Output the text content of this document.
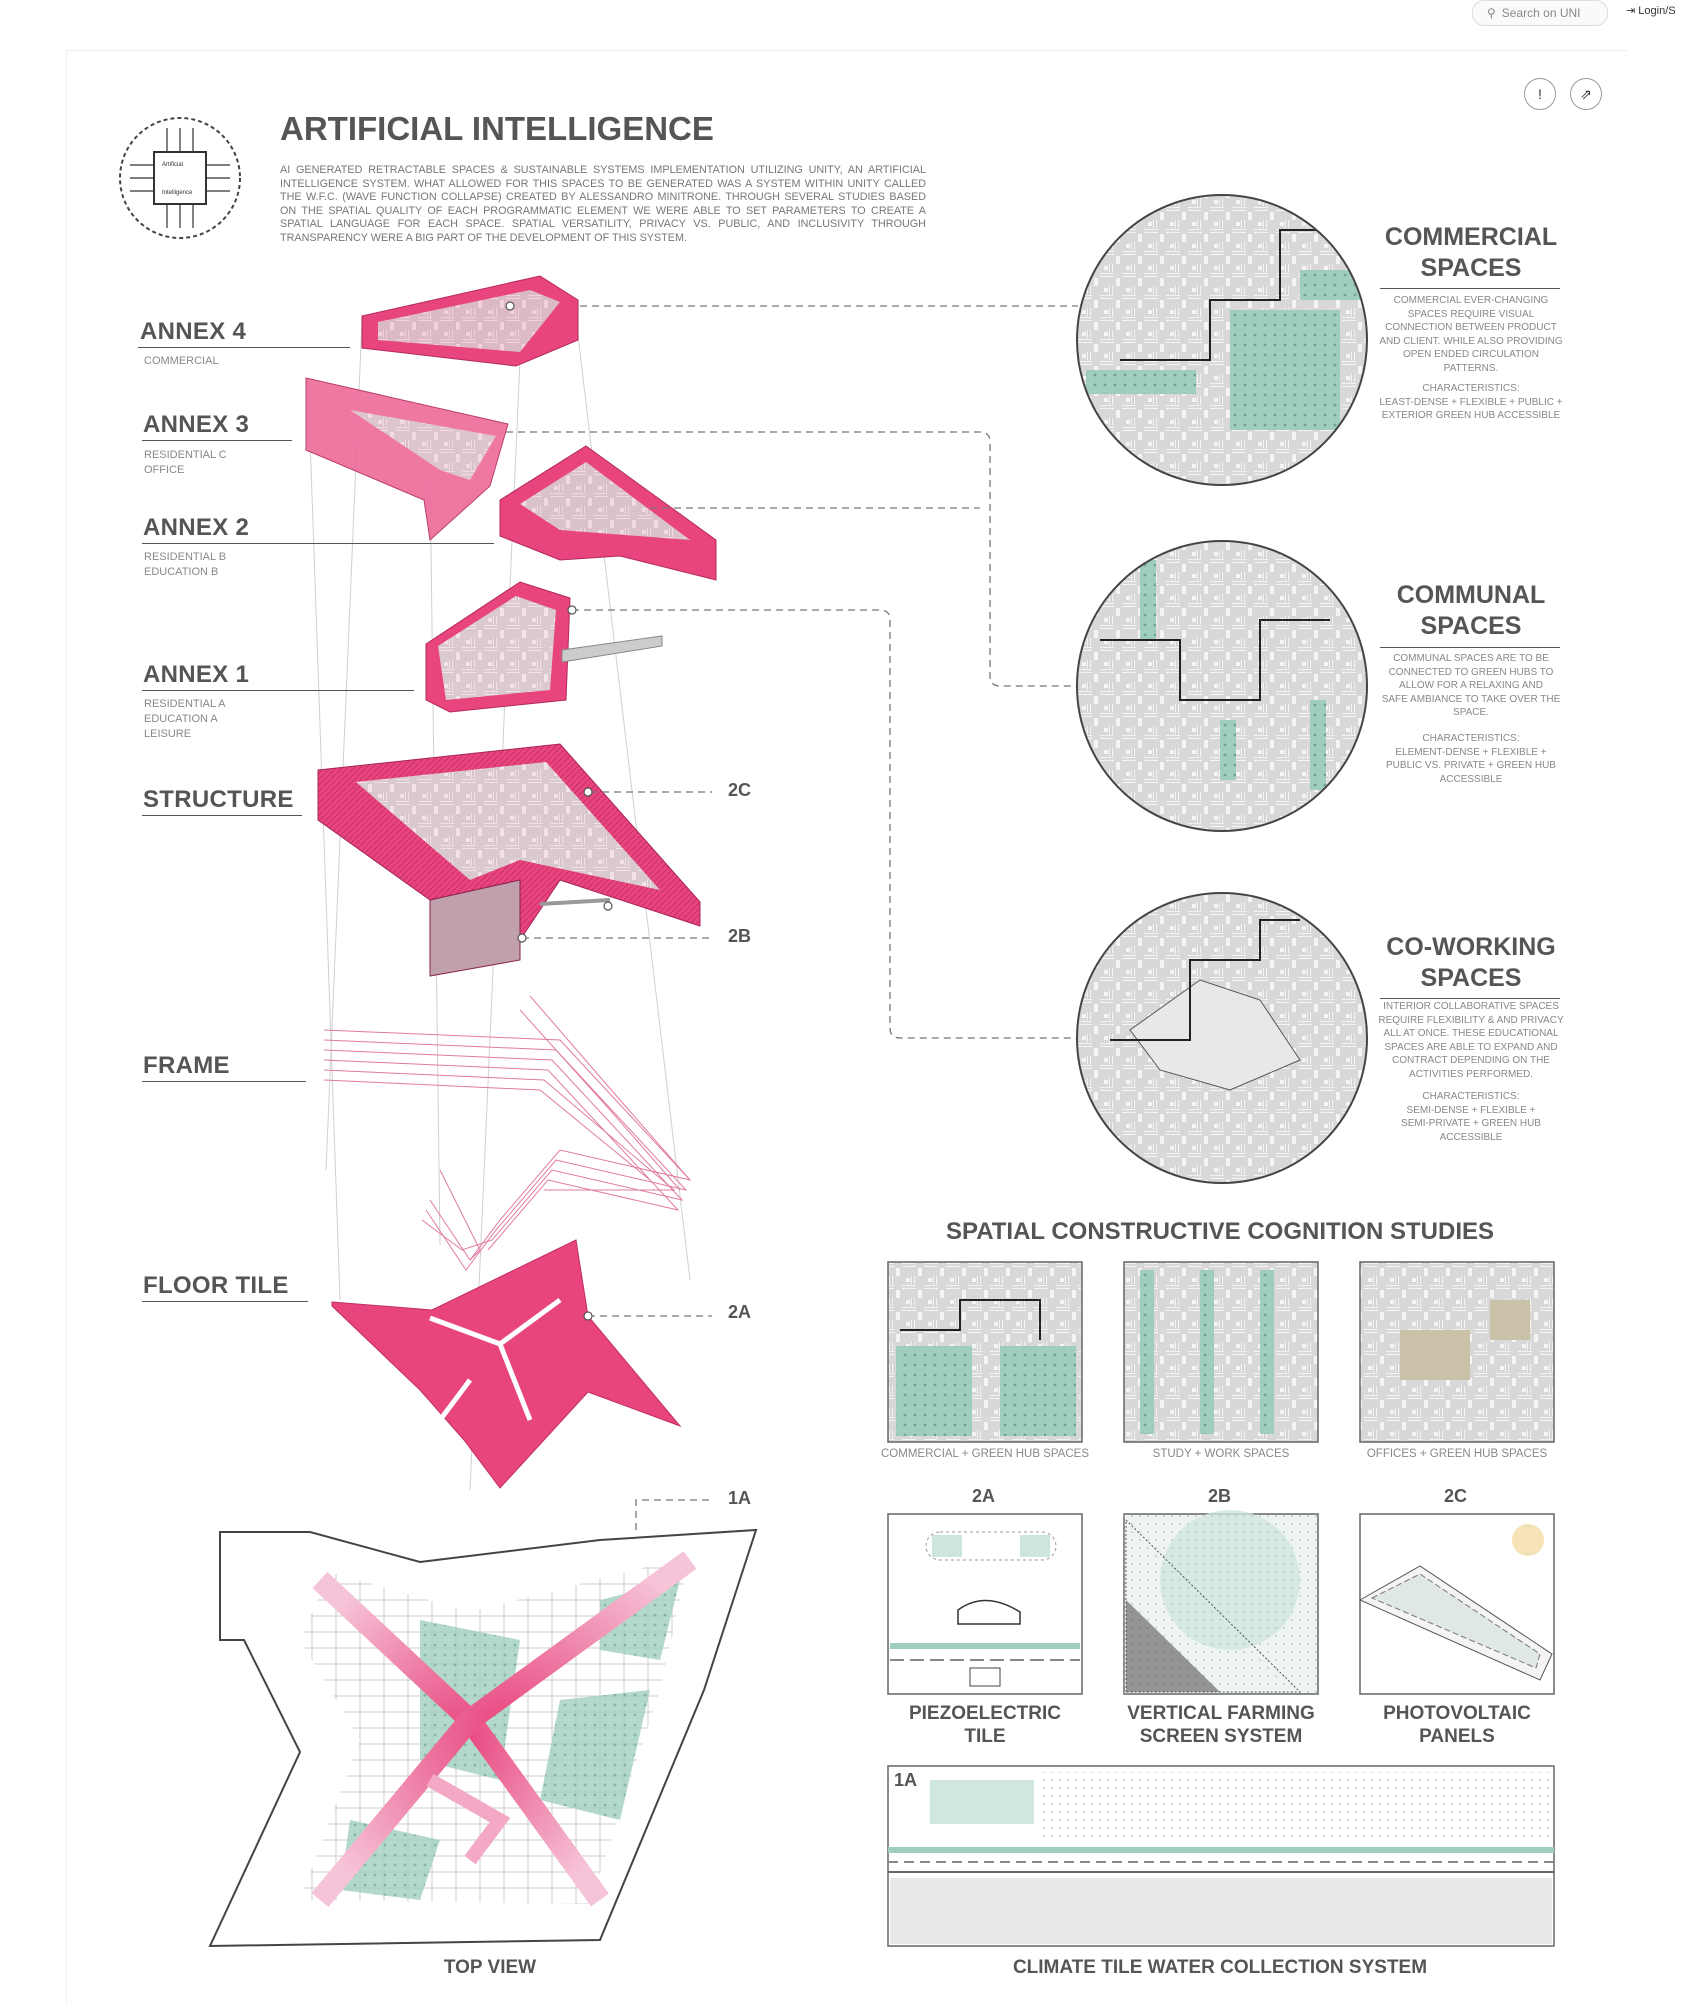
⚲ Search on UNI	⇥ Login/S
!	⇗
ARTIFICIAL INTELLIGENCE
AI GENERATED RETRACTABLE SPACES & SUSTAINABLE SYSTEMS IMPLEMENTATION UTILIZING UNITY, AN ARTIFICIAL INTELLIGENCE SYSTEM. WHAT ALLOWED FOR THIS SPACES TO BE GENERATED WAS A SYSTEM WITHIN UNITY CALLED THE W.F.C. (WAVE FUNCTION COLLAPSE) CREATED BY ALESSANDRO MINITRONE. THROUGH SEVERAL STUDIES BASED ON THE SPATIAL QUALITY OF EACH PROGRAMMATIC ELEMENT WE WERE ABLE TO SET PARAMETERS TO CREATE A SPATIAL LANGUAGE FOR EACH SPACE. SPATIAL VERSATILITY, PRIVACY VS. PUBLIC, AND INCLUSIVITY THROUGH TRANSPARENCY WERE A BIG PART OF THE DEVELOPMENT OF THIS SYSTEM.
Artificial
Intelligence
ANNEX 4
COMMERCIAL
ANNEX 3
RESIDENTIAL C
OFFICE
ANNEX 2
RESIDENTIAL B
EDUCATION B
ANNEX 1
RESIDENTIAL A
EDUCATION A
LEISURE
STRUCTURE
FRAME
FLOOR TILE
2C
2B
2A
1A
COMMERCIAL
SPACES
COMMERCIAL EVER-CHANGING
SPACES REQUIRE VISUAL
CONNECTION BETWEEN PRODUCT
AND CLIENT. WHILE ALSO PROVIDING
OPEN ENDED CIRCULATION
PATTERNS.
CHARACTERISTICS:
LEAST-DENSE + FLEXIBLE + PUBLIC +
EXTERIOR GREEN HUB ACCESSIBLE
COMMUNAL
SPACES
COMMUNAL SPACES ARE TO BE
CONNECTED TO GREEN HUBS TO
ALLOW FOR A RELAXING AND
SAFE AMBIANCE TO TAKE OVER THE
SPACE.
CHARACTERISTICS:
ELEMENT-DENSE + FLEXIBLE +
PUBLIC VS. PRIVATE + GREEN HUB
ACCESSIBLE
CO-WORKING
SPACES
INTERIOR COLLABORATIVE SPACES
REQUIRE FLEXIBILITY & AND PRIVACY
ALL AT ONCE. THESE EDUCATIONAL
SPACES ARE ABLE TO EXPAND AND
CONTRACT DEPENDING ON THE
ACTIVITIES PERFORMED.
CHARACTERISTICS:
SEMI-DENSE + FLEXIBLE +
SEMI-PRIVATE + GREEN HUB
ACCESSIBLE
SPATIAL CONSTRUCTIVE COGNITION STUDIES
COMMERCIAL + GREEN HUB SPACES	STUDY + WORK SPACES	OFFICES + GREEN HUB SPACES
2A	2B	2C
PIEZOELECTRIC
TILE
VERTICAL FARMING
SCREEN SYSTEM
PHOTOVOLTAIC
PANELS
1A
CLIMATE TILE WATER COLLECTION SYSTEM
TOP VIEW
